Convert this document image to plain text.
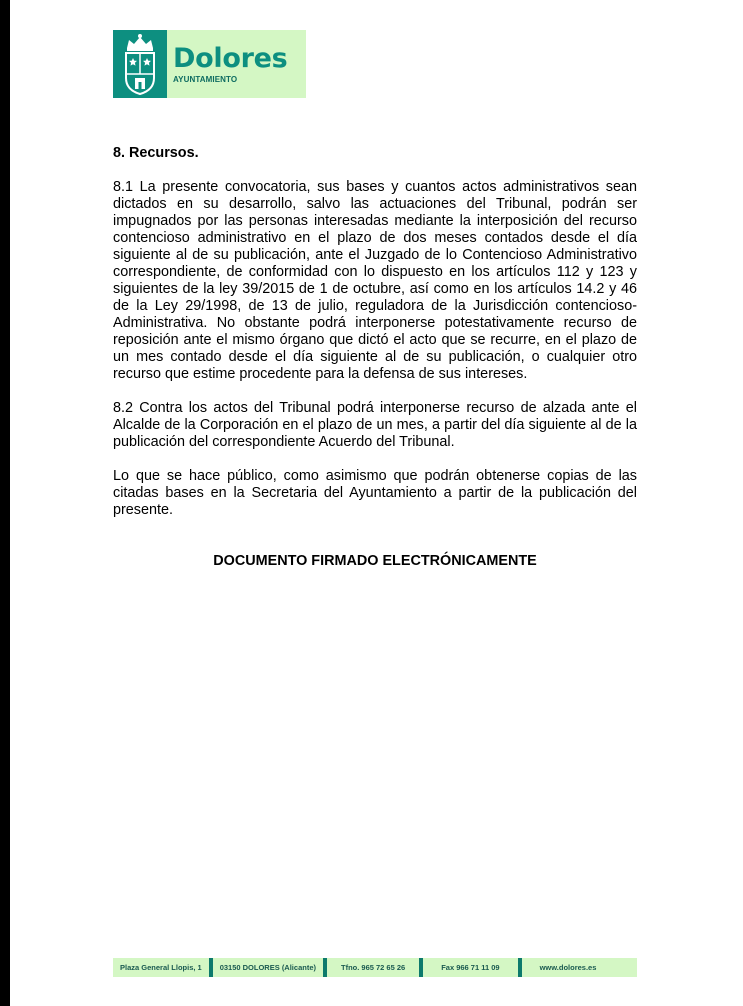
Dolores
AYUNTAMIENTO

8. Recursos.

8.1 La presente convocatoria, sus bases y cuantos actos administrativos sean dictados en su desarrollo, salvo las actuaciones del Tribunal, podrán ser impugnados por las personas interesadas mediante la interposición del recurso contencioso administrativo en el plazo de dos meses contados desde el día siguiente al de su publicación, ante el Juzgado de lo Contencioso Administrativo correspondiente, de conformidad con lo dispuesto en los artículos 112 y 123 y siguientes de la ley 39/2015 de 1 de octubre, así como en los artículos 14.2 y 46 de la Ley 29/1998, de 13 de julio, reguladora de la Jurisdicción contencioso- Administrativa. No obstante podrá interponerse potestativamente recurso de reposición ante el mismo órgano que dictó el acto que se recurre, en el plazo de un mes contado desde el día siguiente al de su publicación, o cualquier otro recurso que estime procedente para la defensa de sus intereses.

8.2 Contra los actos del Tribunal podrá interponerse recurso de alzada ante el Alcalde de la Corporación en el plazo de un mes, a partir del día siguiente al de la publicación del correspondiente Acuerdo del Tribunal.

Lo que se hace público, como asimismo que podrán obtenerse copias de las citadas bases en la Secretaria del Ayuntamiento a partir de la publicación del presente.

DOCUMENTO FIRMADO ELECTRÓNICAMENTE

Plaza General Llopis, 1	03150 DOLORES (Alicante)	Tfno. 965 72 65 26	Fax 966 71 11 09	www.dolores.es
